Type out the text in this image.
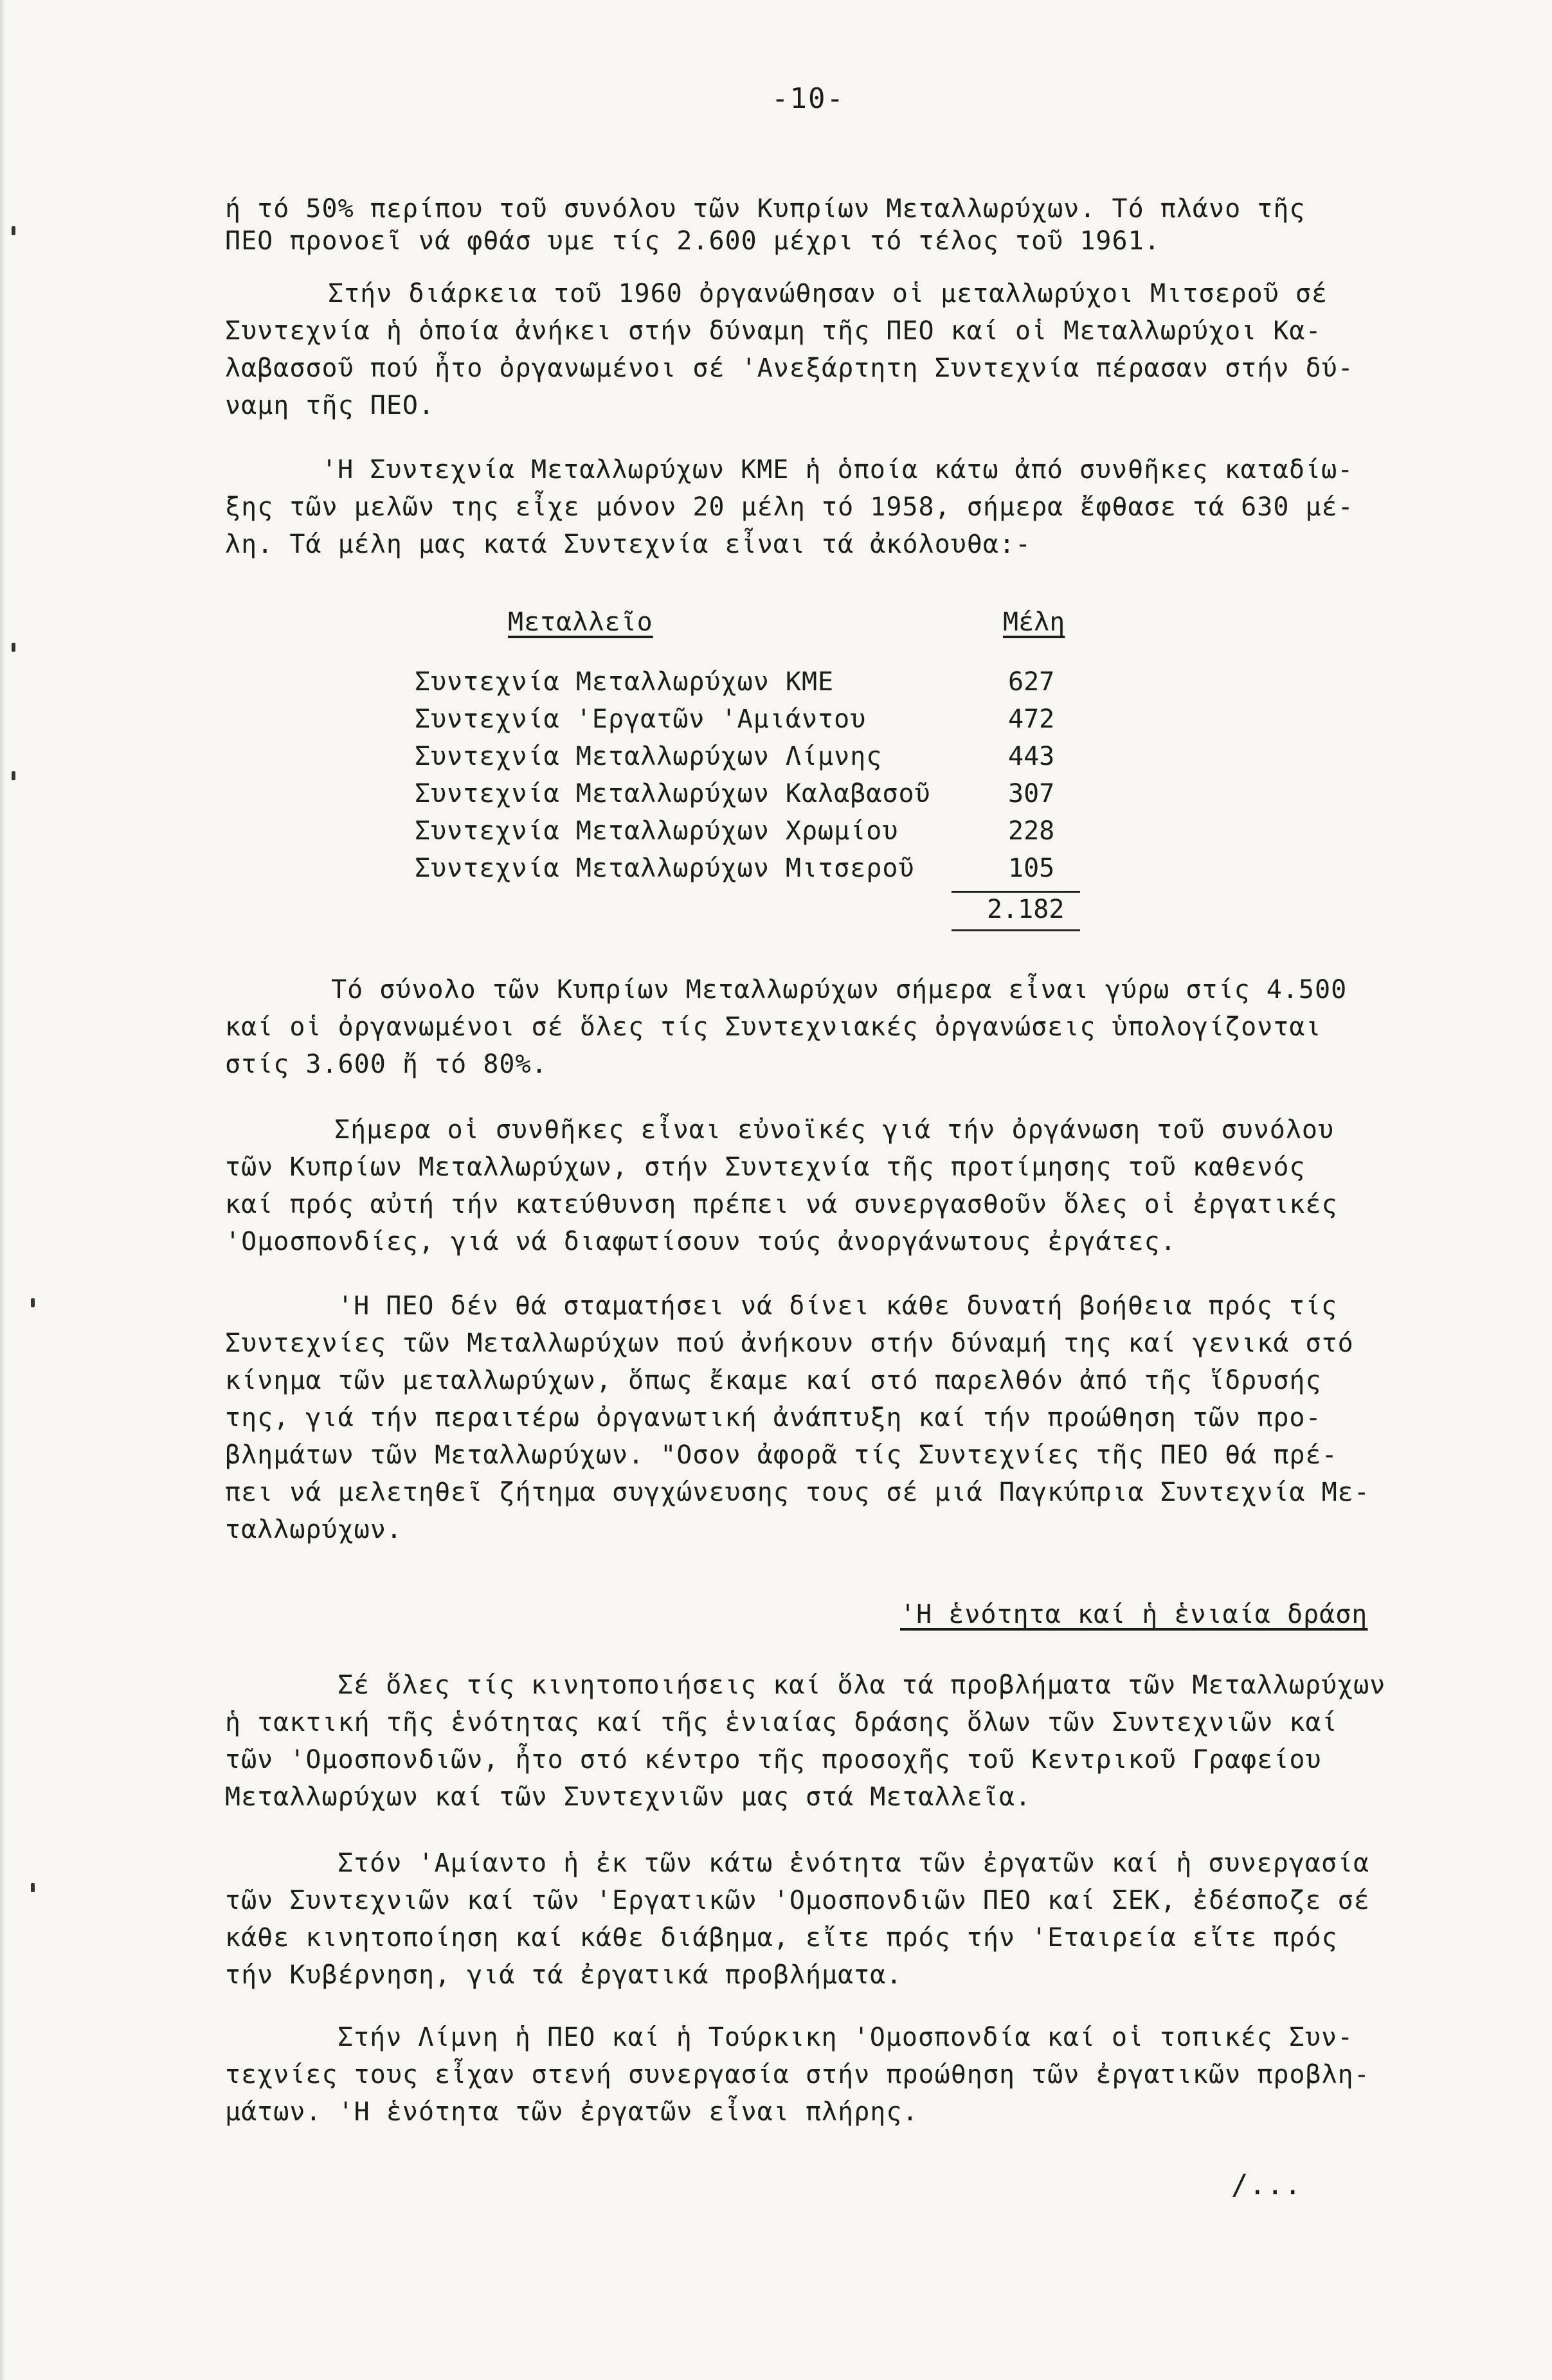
-10-
ή τό 50% περίπου τοῦ συνόλου τῶν Κυπρίων Μεταλλωρύχων. Τό πλάνο τῆς
ΠΕΟ προνοεῖ νά φθάσ υμε τίς 2.600 μέχρι τό τέλος τοῦ 1961.
Στήν διάρκεια τοῦ 1960 ὀργανώθησαν οἱ μεταλλωρύχοι Μιτσεροῦ σέ
Συντεχνία ἡ ὁποία ἀνήκει στήν δύναμη τῆς ΠΕΟ καί οἱ Μεταλλωρύχοι Κα-
λαβασσοῦ πού ἦτο ὀργανωμένοι σέ 'Ανεξάρτητη Συντεχνία πέρασαν στήν δύ-
ναμη τῆς ΠΕΟ.
'Η Συντεχνία Μεταλλωρύχων ΚΜΕ ἡ ὁποία κάτω ἀπό συνθῆκες καταδίω-
ξης τῶν μελῶν της εἶχε μόνον 20 μέλη τό 1958, σήμερα ἔφθασε τά 630 μέ-
λη. Τά μέλη μας κατά Συντεχνία εἶναι τά ἀκόλουθα:-
Μεταλλεῖο	Μέλη
Συντεχνία Μεταλλωρύχων ΚΜΕ	627
Συντεχνία 'Εργατῶν 'Αμιάντου	472
Συντεχνία Μεταλλωρύχων Λίμνης	443
Συντεχνία Μεταλλωρύχων Καλαβασοῦ	307
Συντεχνία Μεταλλωρύχων Χρωμίου	228
Συντεχνία Μεταλλωρύχων Μιτσεροῦ	105
2.182
Τό σύνολο τῶν Κυπρίων Μεταλλωρύχων σήμερα εἶναι γύρω στίς 4.500
καί οἱ ὀργανωμένοι σέ ὅλες τίς Συντεχνιακές ὀργανώσεις ὑπολογίζονται
στίς 3.600 ἤ τό 80%.
Σήμερα οἱ συνθῆκες εἶναι εὐνοϊκές γιά τήν ὀργάνωση τοῦ συνόλου
τῶν Κυπρίων Μεταλλωρύχων, στήν Συντεχνία τῆς προτίμησης τοῦ καθενός
καί πρός αὐτή τήν κατεύθυνση πρέπει νά συνεργασθοῦν ὅλες οἱ ἐργατικές
'Ομοσπονδίες, γιά νά διαφωτίσουν τούς ἀνοργάνωτους ἐργάτες.
'Η ΠΕΟ δέν θά σταματήσει νά δίνει κάθε δυνατή βοήθεια πρός τίς
Συντεχνίες τῶν Μεταλλωρύχων πού ἀνήκουν στήν δύναμή της καί γενικά στό
κίνημα τῶν μεταλλωρύχων, ὅπως ἔκαμε καί στό παρελθόν ἀπό τῆς ἵδρυσής
της, γιά τήν περαιτέρω ὀργανωτική ἀνάπτυξη καί τήν προώθηση τῶν προ-
βλημάτων τῶν Μεταλλωρύχων. "Οσον ἀφορᾶ τίς Συντεχνίες τῆς ΠΕΟ θά πρέ-
πει νά μελετηθεῖ ζήτημα συγχώνευσης τους σέ μιά Παγκύπρια Συντεχνία Με-
ταλλωρύχων.
'Η ἑνότητα καί ἡ ἑνιαία δράση
Σέ ὅλες τίς κινητοποιήσεις καί ὅλα τά προβλήματα τῶν Μεταλλωρύχων
ἡ τακτική τῆς ἑνότητας καί τῆς ἑνιαίας δράσης ὅλων τῶν Συντεχνιῶν καί
τῶν 'Ομοσπονδιῶν, ἦτο στό κέντρο τῆς προσοχῆς τοῦ Κεντρικοῦ Γραφείου
Μεταλλωρύχων καί τῶν Συντεχνιῶν μας στά Μεταλλεῖα.
Στόν 'Αμίαντο ἡ ἐκ τῶν κάτω ἑνότητα τῶν ἐργατῶν καί ἡ συνεργασία
τῶν Συντεχνιῶν καί τῶν 'Εργατικῶν 'Ομοσπονδιῶν ΠΕΟ καί ΣΕΚ, ἐδέσποζε σέ
κάθε κινητοποίηση καί κάθε διάβημα, εἴτε πρός τήν 'Εταιρεία εἴτε πρός
τήν Κυβέρνηση, γιά τά ἐργατικά προβλήματα.
Στήν Λίμνη ἡ ΠΕΟ καί ἡ Τούρκικη 'Ομοσπονδία καί οἱ τοπικές Συν-
τεχνίες τους εἶχαν στενή συνεργασία στήν προώθηση τῶν ἐργατικῶν προβλη-
μάτων. 'Η ἑνότητα τῶν ἐργατῶν εἶναι πλήρης.
/...
